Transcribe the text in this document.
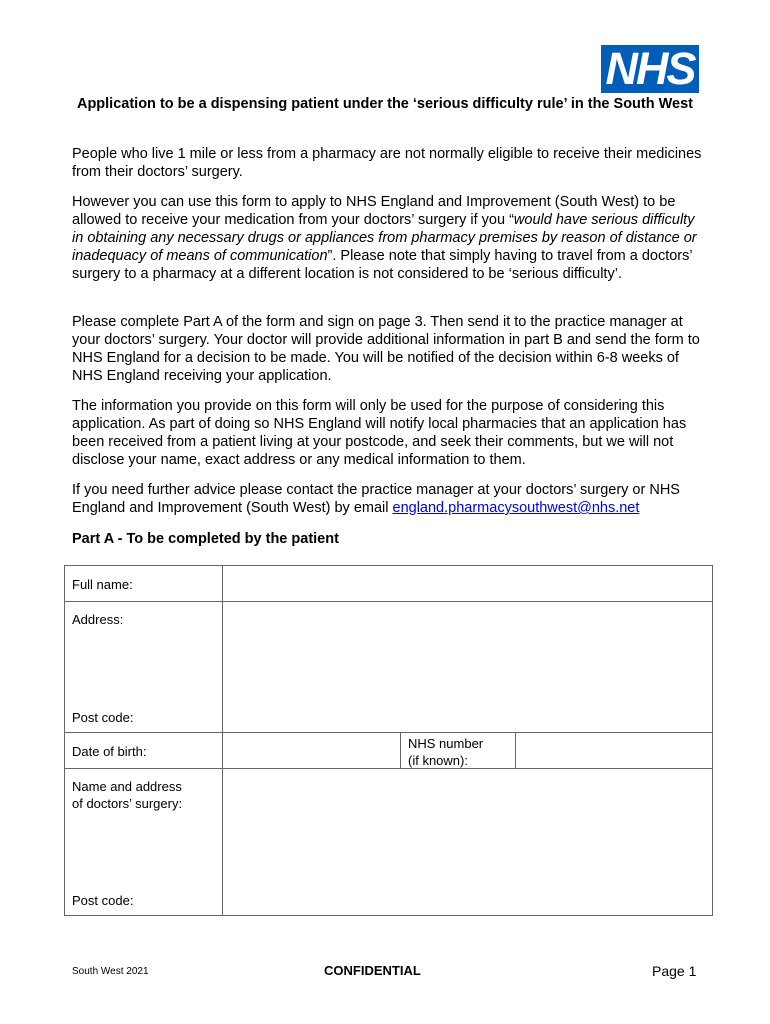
NHS
Application to be a dispensing patient under the ‘serious difficulty rule’ in the South West

People who live 1 mile or less from a pharmacy are not normally eligible to receive their medicines from their doctors’ surgery.

However you can use this form to apply to NHS England and Improvement (South West) to be allowed to receive your medication from your doctors’ surgery if you “would have serious difficulty in obtaining any necessary drugs or appliances from pharmacy premises by reason of distance or inadequacy of means of communication”. Please note that simply having to travel from a doctors’ surgery to a pharmacy at a different location is not considered to be ‘serious difficulty’.

Please complete Part A of the form and sign on page 3. Then send it to the practice manager at your doctors’ surgery. Your doctor will provide additional information in part B and send the form to NHS England for a decision to be made. You will be notified of the decision within 6-8 weeks of NHS England receiving your application.

The information you provide on this form will only be used for the purpose of considering this application. As part of doing so NHS England will notify local pharmacies that an application has been received from a patient living at your postcode, and seek their comments, but we will not disclose your name, exact address or any medical information to them.

If you need further advice please contact the practice manager at your doctors’ surgery or NHS England and Improvement (South West) by email england.pharmacysouthwest@nhs.net

Part A - To be completed by the patient
Full name:
Address:
Post code:
Date of birth:
NHS number
(if known):
Name and address
of doctors’ surgery:
Post code:
South West 2021	CONFIDENTIAL	Page 1
